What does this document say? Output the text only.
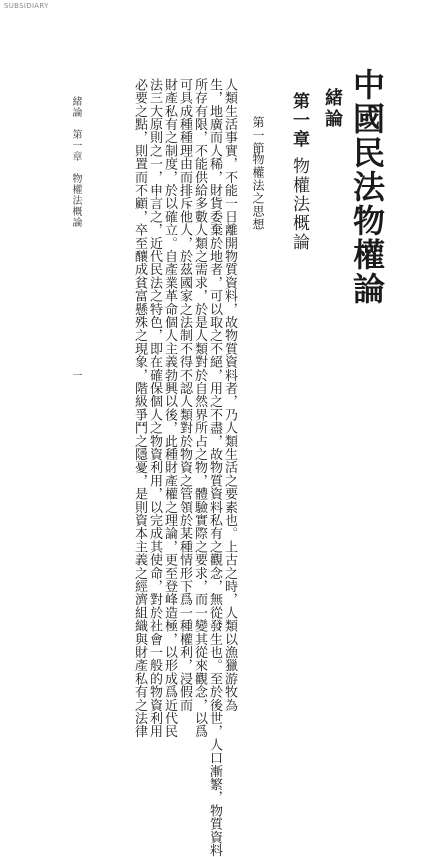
SUBSIDIARY
中國民法物權論
緒論
第一章
物權法概論
第一節
物權法之思想
人類生活事實，不能一日離開物質資料，故物質資料者，乃人類生活之要素也。上古之時，人類以漁獵游牧為
生，地廣而人稀，財貨委棄於地者，可以取之不絕，用之不盡，故物質資料私有之觀念，無從發生也。至於後世，人口漸繁，物質資料
所存有限，不能供給多數人類之需求，於是人類對於自然界所占之物，體驗實際之要求，而一變其從來觀念，以爲
可具成種種理由而排斥他人，於茲國家之法制不得不認人類對於物資之管領於某種情形下爲一種權利，浸假而
財產私有之制度，於以確立。自產業革命個人主義勃興以後，此種財產權之理論，更至登峰造極，以形成爲近代民
法三大原則之一，申言之，近代民法之特色，即在確保個人之物資利用，以完成其使命，對於社會一般的物資利用
必要之點，則置而不顧，卒至釀成貧富懸殊之現象，階級爭鬥之隱憂，是則資本主義之經濟組織與財產私有之法律
緒論　第一章　物權法概論
一
